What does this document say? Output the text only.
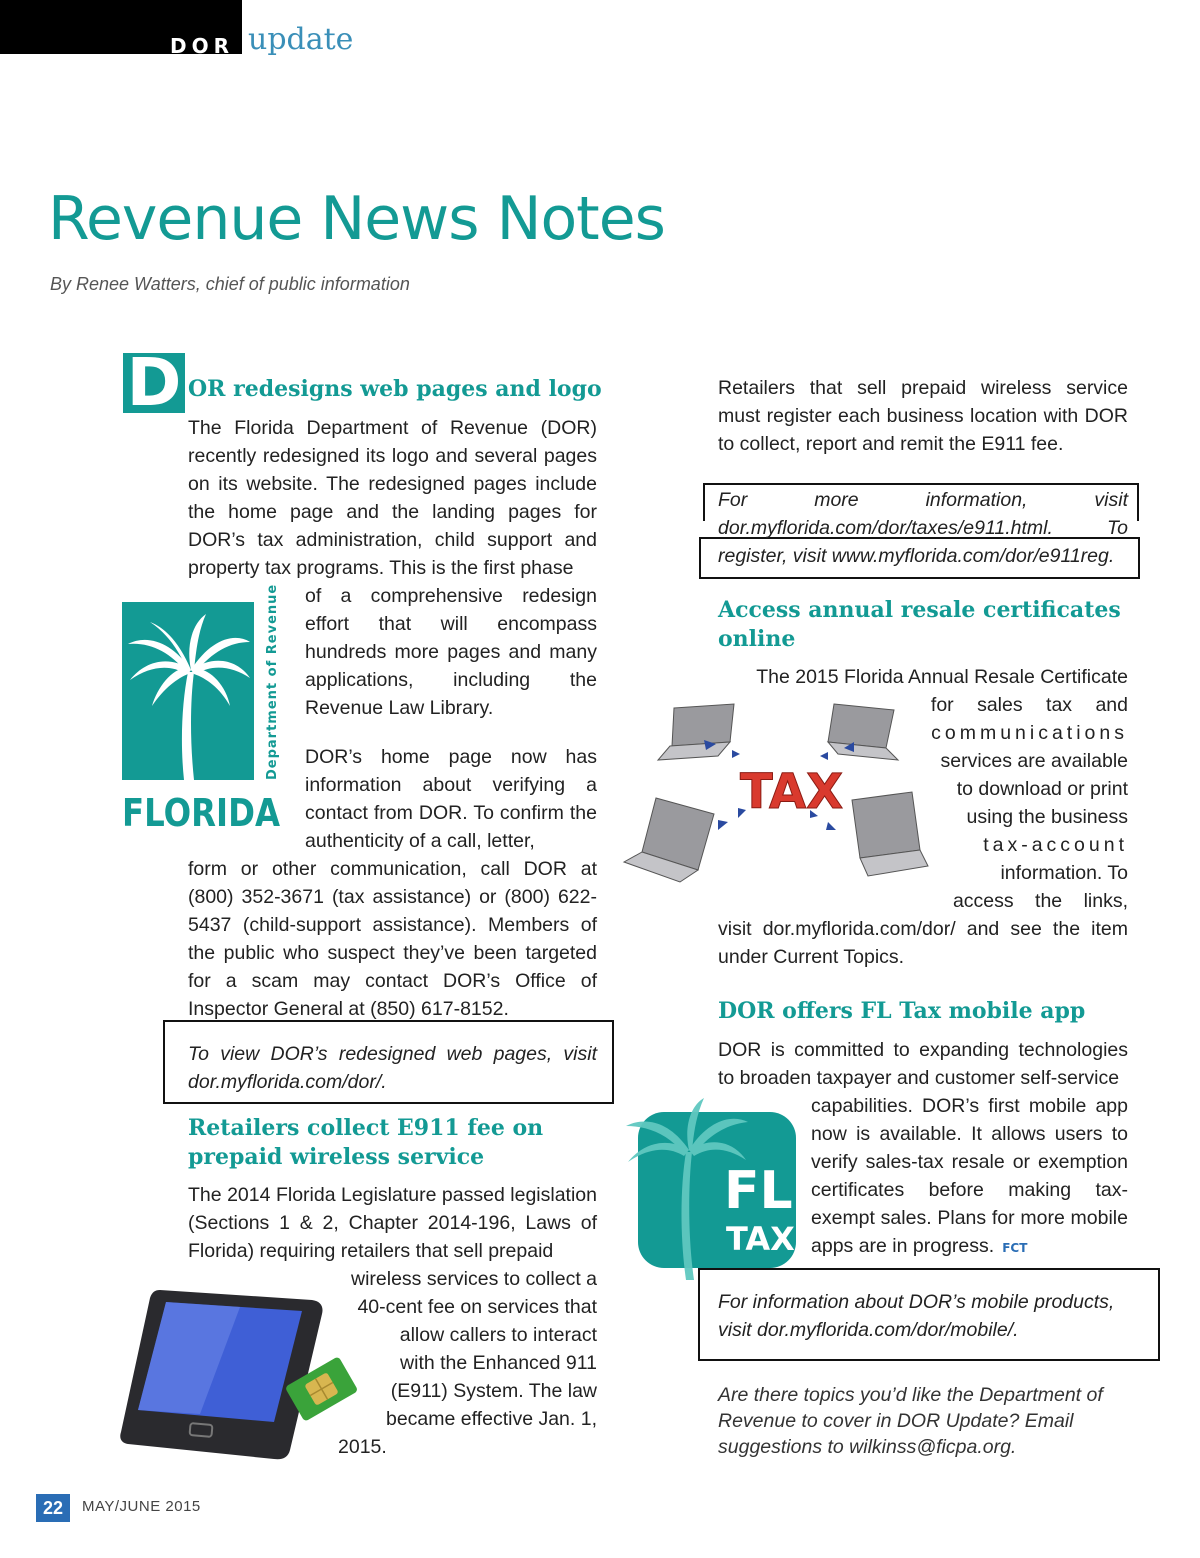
DOR update
Revenue News Notes
By Renee Watters, chief of public information
D OR redesigns web pages and logo

The Florida Department of Revenue (DOR) recently redesigned its logo and several pages on its website. The redesigned pages include the home page and the landing pages for DOR’s tax administration, child support and property tax programs. This is the first phase

of a comprehensive redesign effort that will encompass hundreds more pages and many applications, including the Revenue Law Library.

DOR’s home page now has information about verifying a contact from DOR. To confirm the authenticity of a call, letter,

form or other communication, call DOR at (800) 352-3671 (tax assistance) or (800) 622-5437 (child-support assistance). Members of the public who suspect they’ve been targeted for a scam may contact DOR’s Office of Inspector General at (850) 617-8152.

Department of Revenue
FLORIDA
To view DOR’s redesigned web pages, visit dor.myflorida.com/dor/.
Retailers collect E911 fee on prepaid wireless service
The 2014 Florida Legislature passed legislation (Sections 1 & 2, Chapter 2014-196, Laws of Florida) requiring retailers that sell prepaid
wireless services to collect a
40-cent fee on services that
allow callers to interact
with the Enhanced 911
(E911) System. The law
became effective Jan. 1,
2015.
Retailers that sell prepaid wireless service must register each business location with DOR to collect, report and remit the E911 fee.
For more information, visit dor.myflorida.com/dor/taxes/e911.html. To register, visit www.myflorida.com/dor/e911reg.
Access annual resale certificates online
The 2015 Florida Annual Resale Certificate
for sales tax and
communications
services are available
to download or print
using the business
tax-account
information. To
access the links,
visit dor.myflorida.com/dor/ and see the item under Current Topics.
TAX
DOR offers FL Tax mobile app
DOR is committed to expanding technologies to broaden taxpayer and customer self-service
capabilities. DOR’s first mobile app now is available. It allows users to verify sales-tax resale or exemption certificates before making tax-exempt sales. Plans for more mobile apps are in progress. FCT
FL
TAX
For information about DOR’s mobile products, visit dor.myflorida.com/dor/mobile/.
Are there topics you’d like the Department of Revenue to cover in DOR Update? Email suggestions to wilkinss@ficpa.org.
22	MAY/JUNE 2015
